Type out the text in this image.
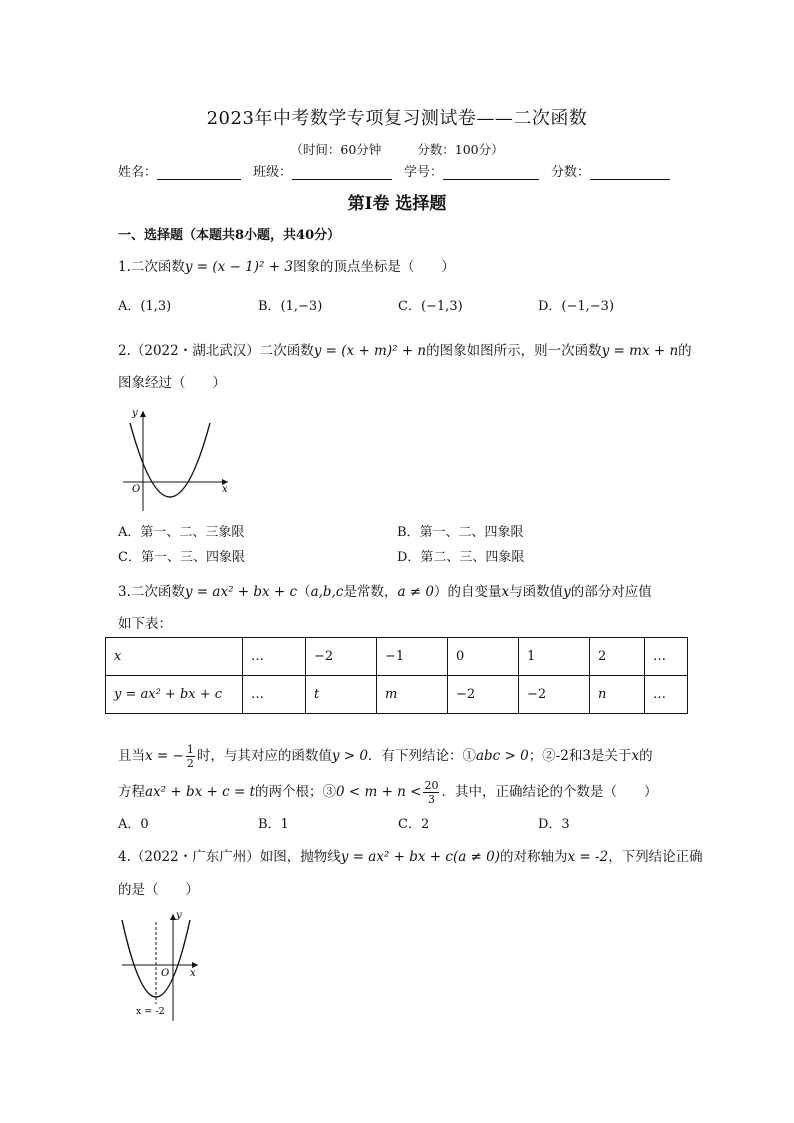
2023年中考数学专项复习测试卷——二次函数
（时间：60分钟	分数：100分）
姓名：	班级：	学号：	分数：
第Ⅰ卷 选择题
一、选择题（本题共8小题，共40分）
1.二次函数y = (x − 1)² + 3图象的顶点坐标是（　　）
A．(1,3)	B．(1,−3)	C．(−1,3)	D．(−1,−3)
2.（2022・湖北武汉）二次函数y = (x + m)² + n的图象如图所示，则一次函数y = mx + n的
图象经过（　　）
y
O	x
A．第一、二、三象限	B．第一、二、四象限
C．第一、三、四象限	D．第二、三、四象限
3.二次函数y = ax² + bx + c（a,b,c是常数，a ≠ 0）的自变量x与函数值y的部分对应值
如下表：
x	…	−2	−1	0	1	2	…
y = ax² + bx + c	…	t	m	−2	−2	n	…
且当 x = − $\frac{1}{2}$ 时，与其对应的函数值 y > 0 ．有下列结论：① abc > 0 ；②-2和3是关于 x 的
方程 ax² + bx + c = t 的两个根；③ $0 < m + n < \frac{20}{3}$ ．其中，正确结论的个数是（　　）
A．0	B．1	C．2	D．3
4.（2022・广东广州）如图，抛物线y = ax² + bx + c(a ≠ 0)的对称轴为x = -2，下列结论正确
的是（　　）
y
O x
x = -2
